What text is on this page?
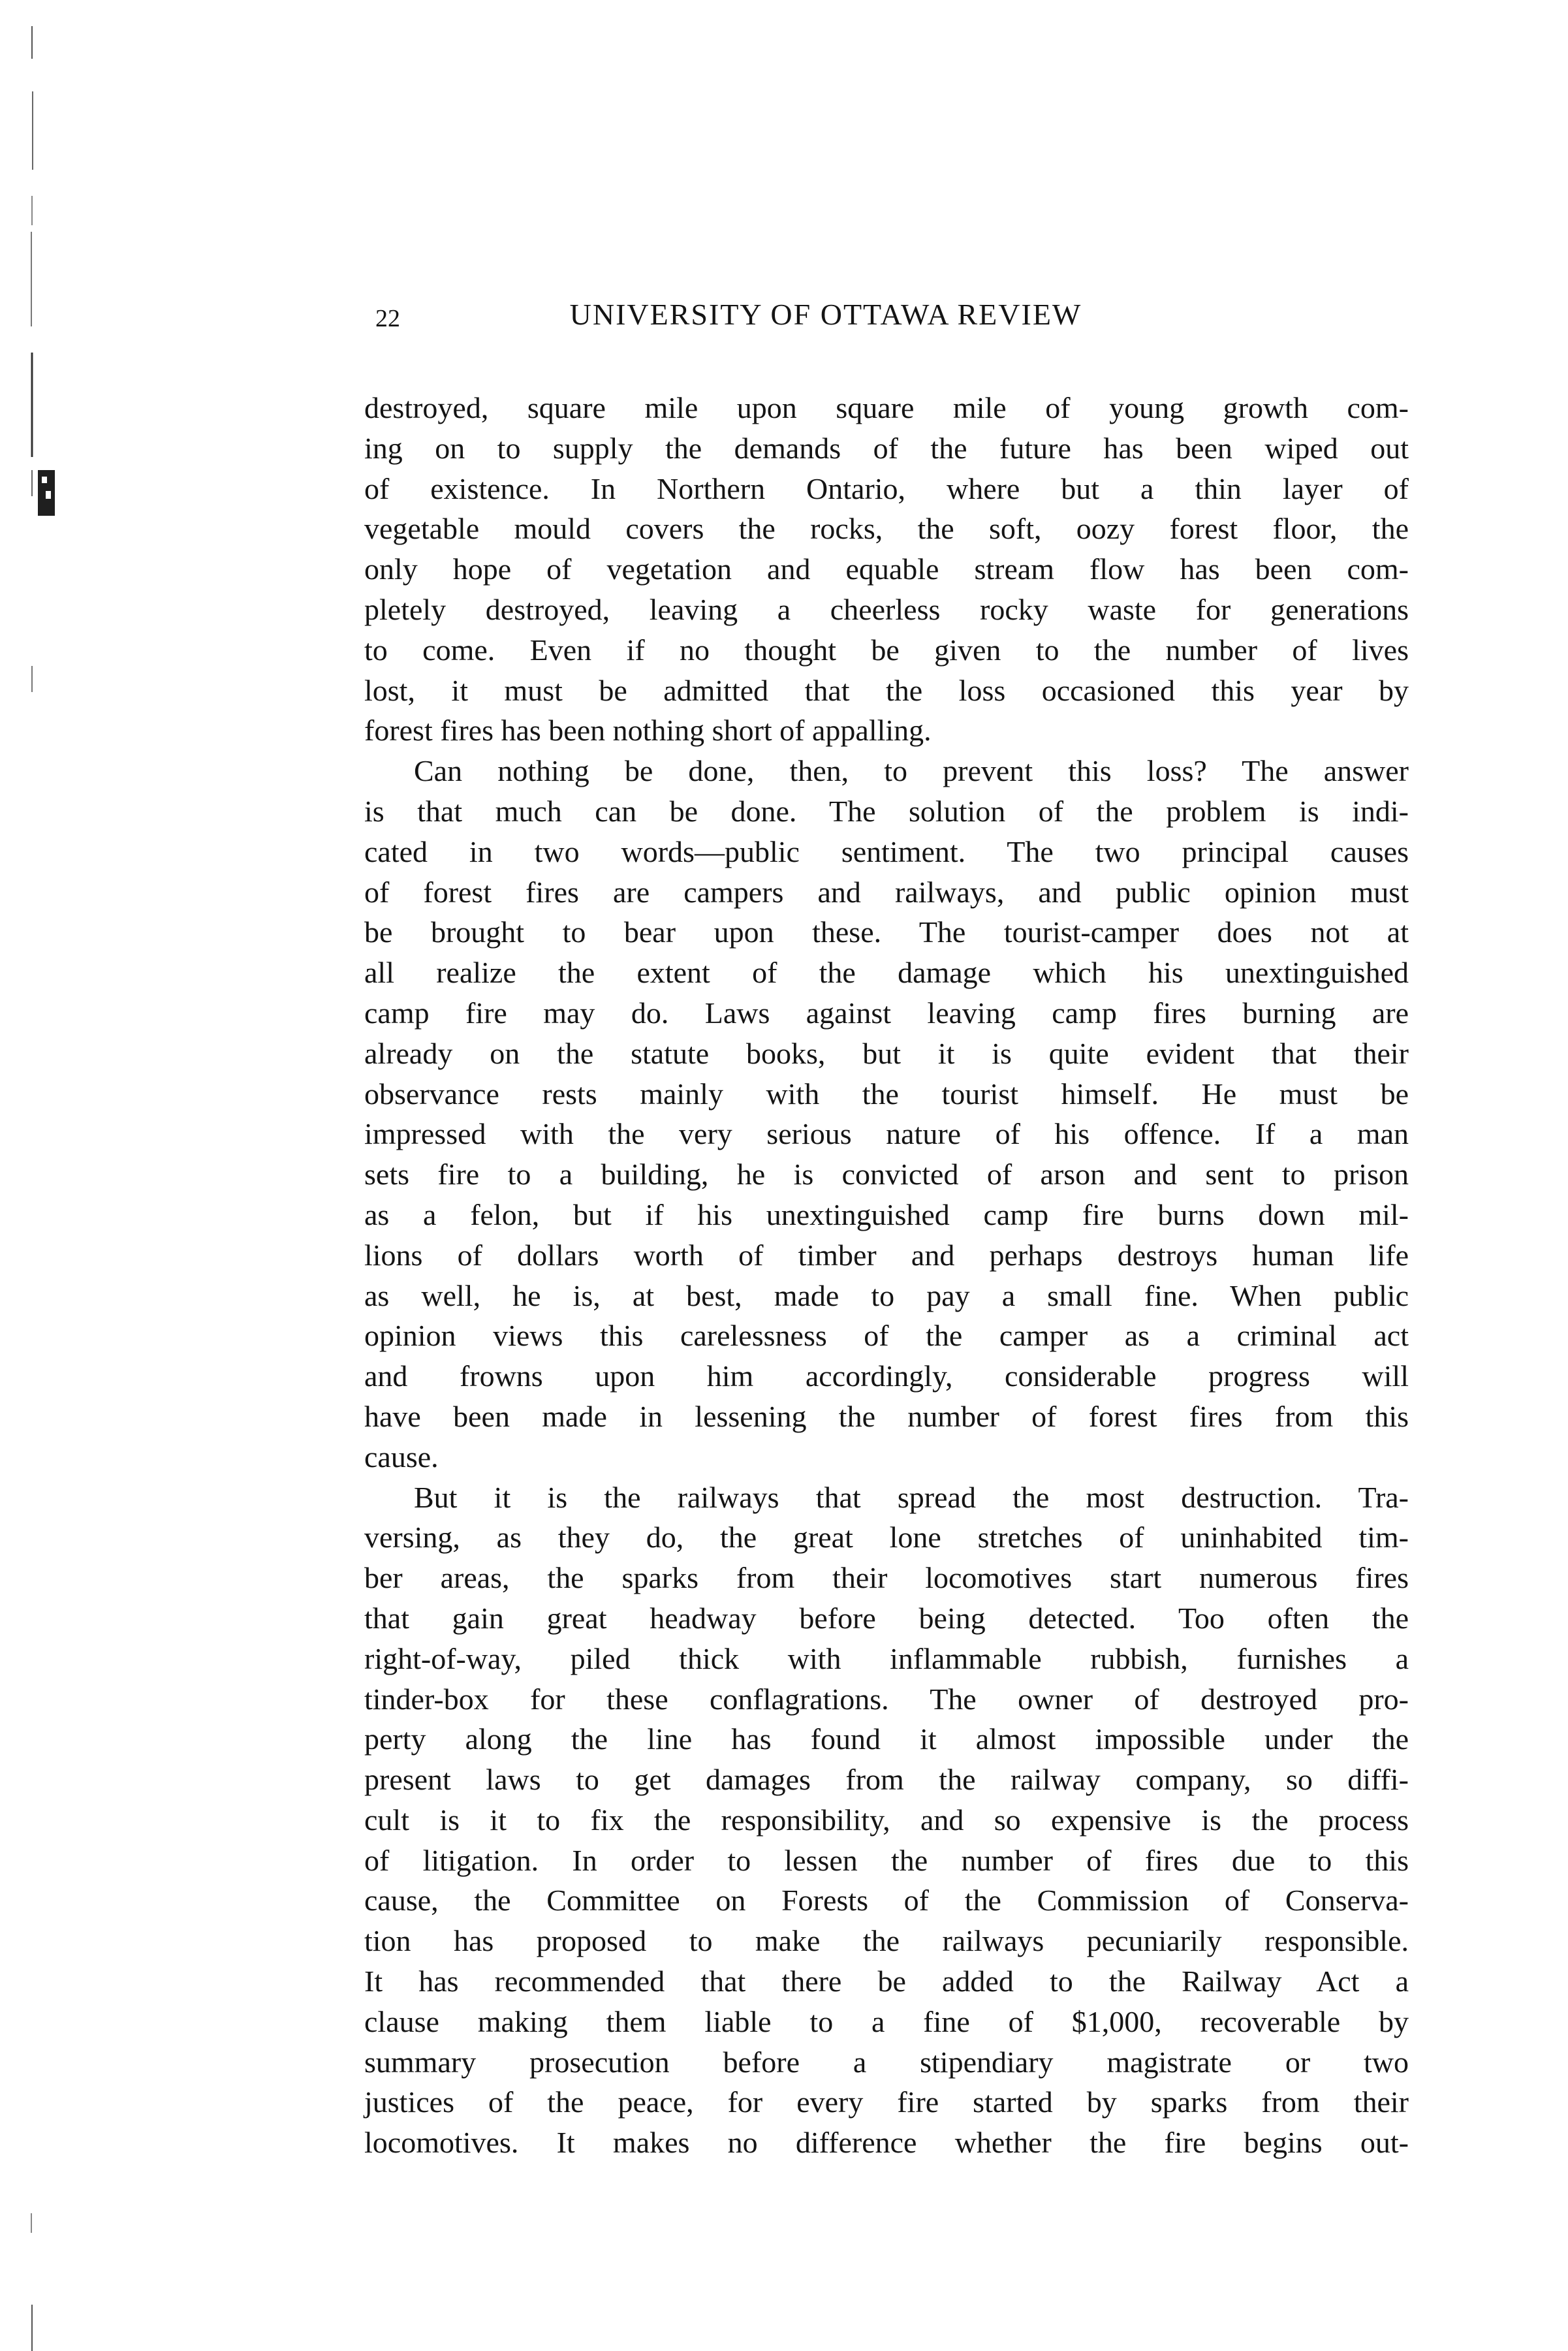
22	UNIVERSITY OF OTTAWA REVIEW
destroyed, square mile upon square mile of young growth com-
ing on to supply the demands of the future has been wiped out
of existence. In Northern Ontario, where but a thin layer of
vegetable mould covers the rocks, the soft, oozy forest floor, the
only hope of vegetation and equable stream flow has been com-
pletely destroyed, leaving a cheerless rocky waste for generations
to come. Even if no thought be given to the number of lives
lost, it must be admitted that the loss occasioned this year by
forest fires has been nothing short of appalling.
Can nothing be done, then, to prevent this loss? The answer
is that much can be done. The solution of the problem is indi-
cated in two words—public sentiment. The two principal causes
of forest fires are campers and railways, and public opinion must
be brought to bear upon these. The tourist-camper does not at
all realize the extent of the damage which his unextinguished
camp fire may do. Laws against leaving camp fires burning are
already on the statute books, but it is quite evident that their
observance rests mainly with the tourist himself. He must be
impressed with the very serious nature of his offence. If a man
sets fire to a building, he is convicted of arson and sent to prison
as a felon, but if his unextinguished camp fire burns down mil-
lions of dollars worth of timber and perhaps destroys human life
as well, he is, at best, made to pay a small fine. When public
opinion views this carelessness of the camper as a criminal act
and frowns upon him accordingly, considerable progress will
have been made in lessening the number of forest fires from this
cause.
But it is the railways that spread the most destruction. Tra-
versing, as they do, the great lone stretches of uninhabited tim-
ber areas, the sparks from their locomotives start numerous fires
that gain great headway before being detected. Too often the
right-of-way, piled thick with inflammable rubbish, furnishes a
tinder-box for these conflagrations. The owner of destroyed pro-
perty along the line has found it almost impossible under the
present laws to get damages from the railway company, so diffi-
cult is it to fix the responsibility, and so expensive is the process
of litigation. In order to lessen the number of fires due to this
cause, the Committee on Forests of the Commission of Conserva-
tion has proposed to make the railways pecuniarily responsible.
It has recommended that there be added to the Railway Act a
clause making them liable to a fine of $1,000, recoverable by
summary prosecution before a stipendiary magistrate or two
justices of the peace, for every fire started by sparks from their
locomotives. It makes no difference whether the fire begins out-
